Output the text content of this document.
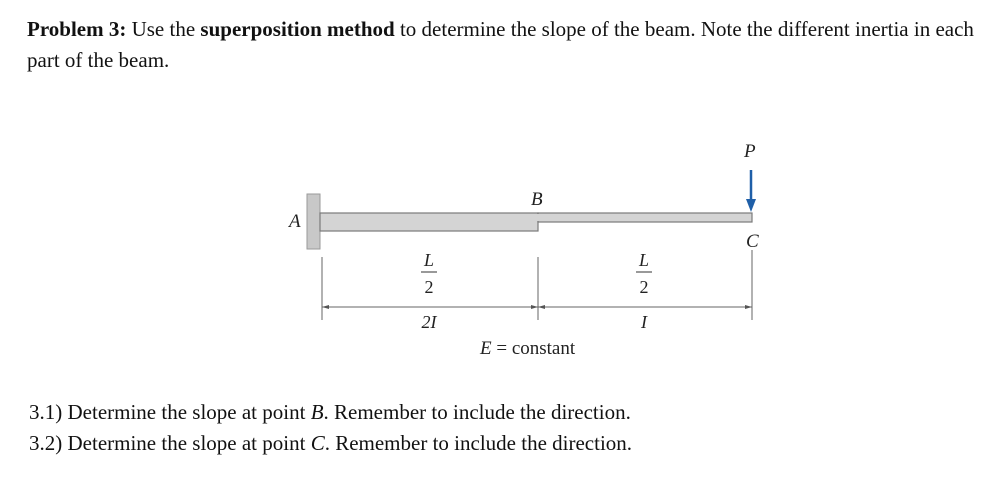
Problem 3: Use the superposition method to determine the slope of the beam. Note the different inertia in each part of the beam.

A
B
C
P
L
2
L
2
2I	I
E = constant
3.1) Determine the slope at point B. Remember to include the direction.
3.2) Determine the slope at point C. Remember to include the direction.
